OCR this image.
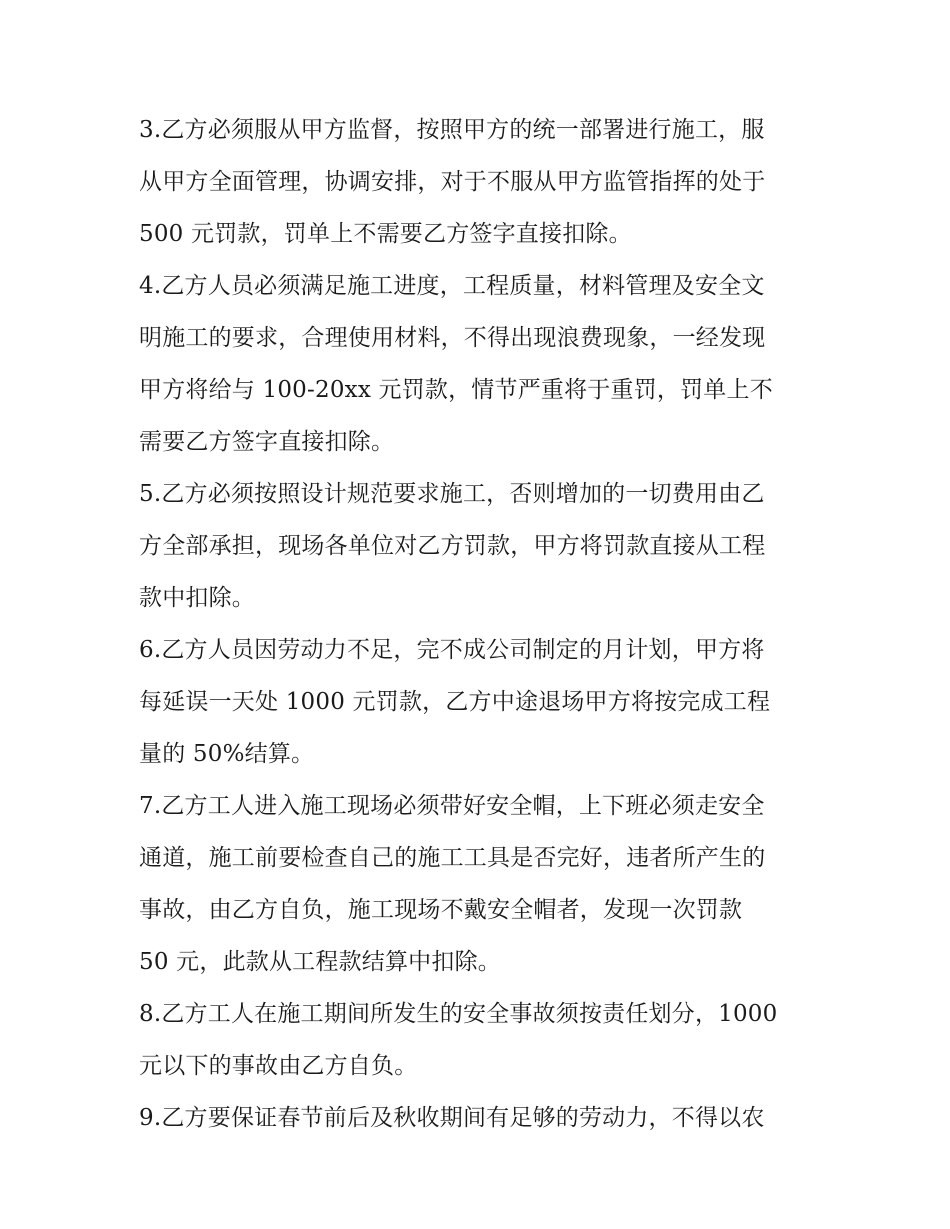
3.乙方必须服从甲方监督，按照甲方的统一部署进行施工，服
从甲方全面管理，协调安排，对于不服从甲方监管指挥的处于
500 元罚款，罚单上不需要乙方签字直接扣除。
4.乙方人员必须满足施工进度，工程质量，材料管理及安全文
明施工的要求，合理使用材料，不得出现浪费现象，一经发现
甲方将给与 100-20xx 元罚款，情节严重将于重罚，罚单上不
需要乙方签字直接扣除。
5.乙方必须按照设计规范要求施工，否则增加的一切费用由乙
方全部承担，现场各单位对乙方罚款，甲方将罚款直接从工程
款中扣除。
6.乙方人员因劳动力不足，完不成公司制定的月计划，甲方将
每延误一天处 1000 元罚款，乙方中途退场甲方将按完成工程
量的 50%结算。
7.乙方工人进入施工现场必须带好安全帽，上下班必须走安全
通道，施工前要检查自己的施工工具是否完好，违者所产生的
事故，由乙方自负，施工现场不戴安全帽者，发现一次罚款
50 元，此款从工程款结算中扣除。
8.乙方工人在施工期间所发生的安全事故须按责任划分，1000
元以下的事故由乙方自负。
9.乙方要保证春节前后及秋收期间有足够的劳动力，不得以农
